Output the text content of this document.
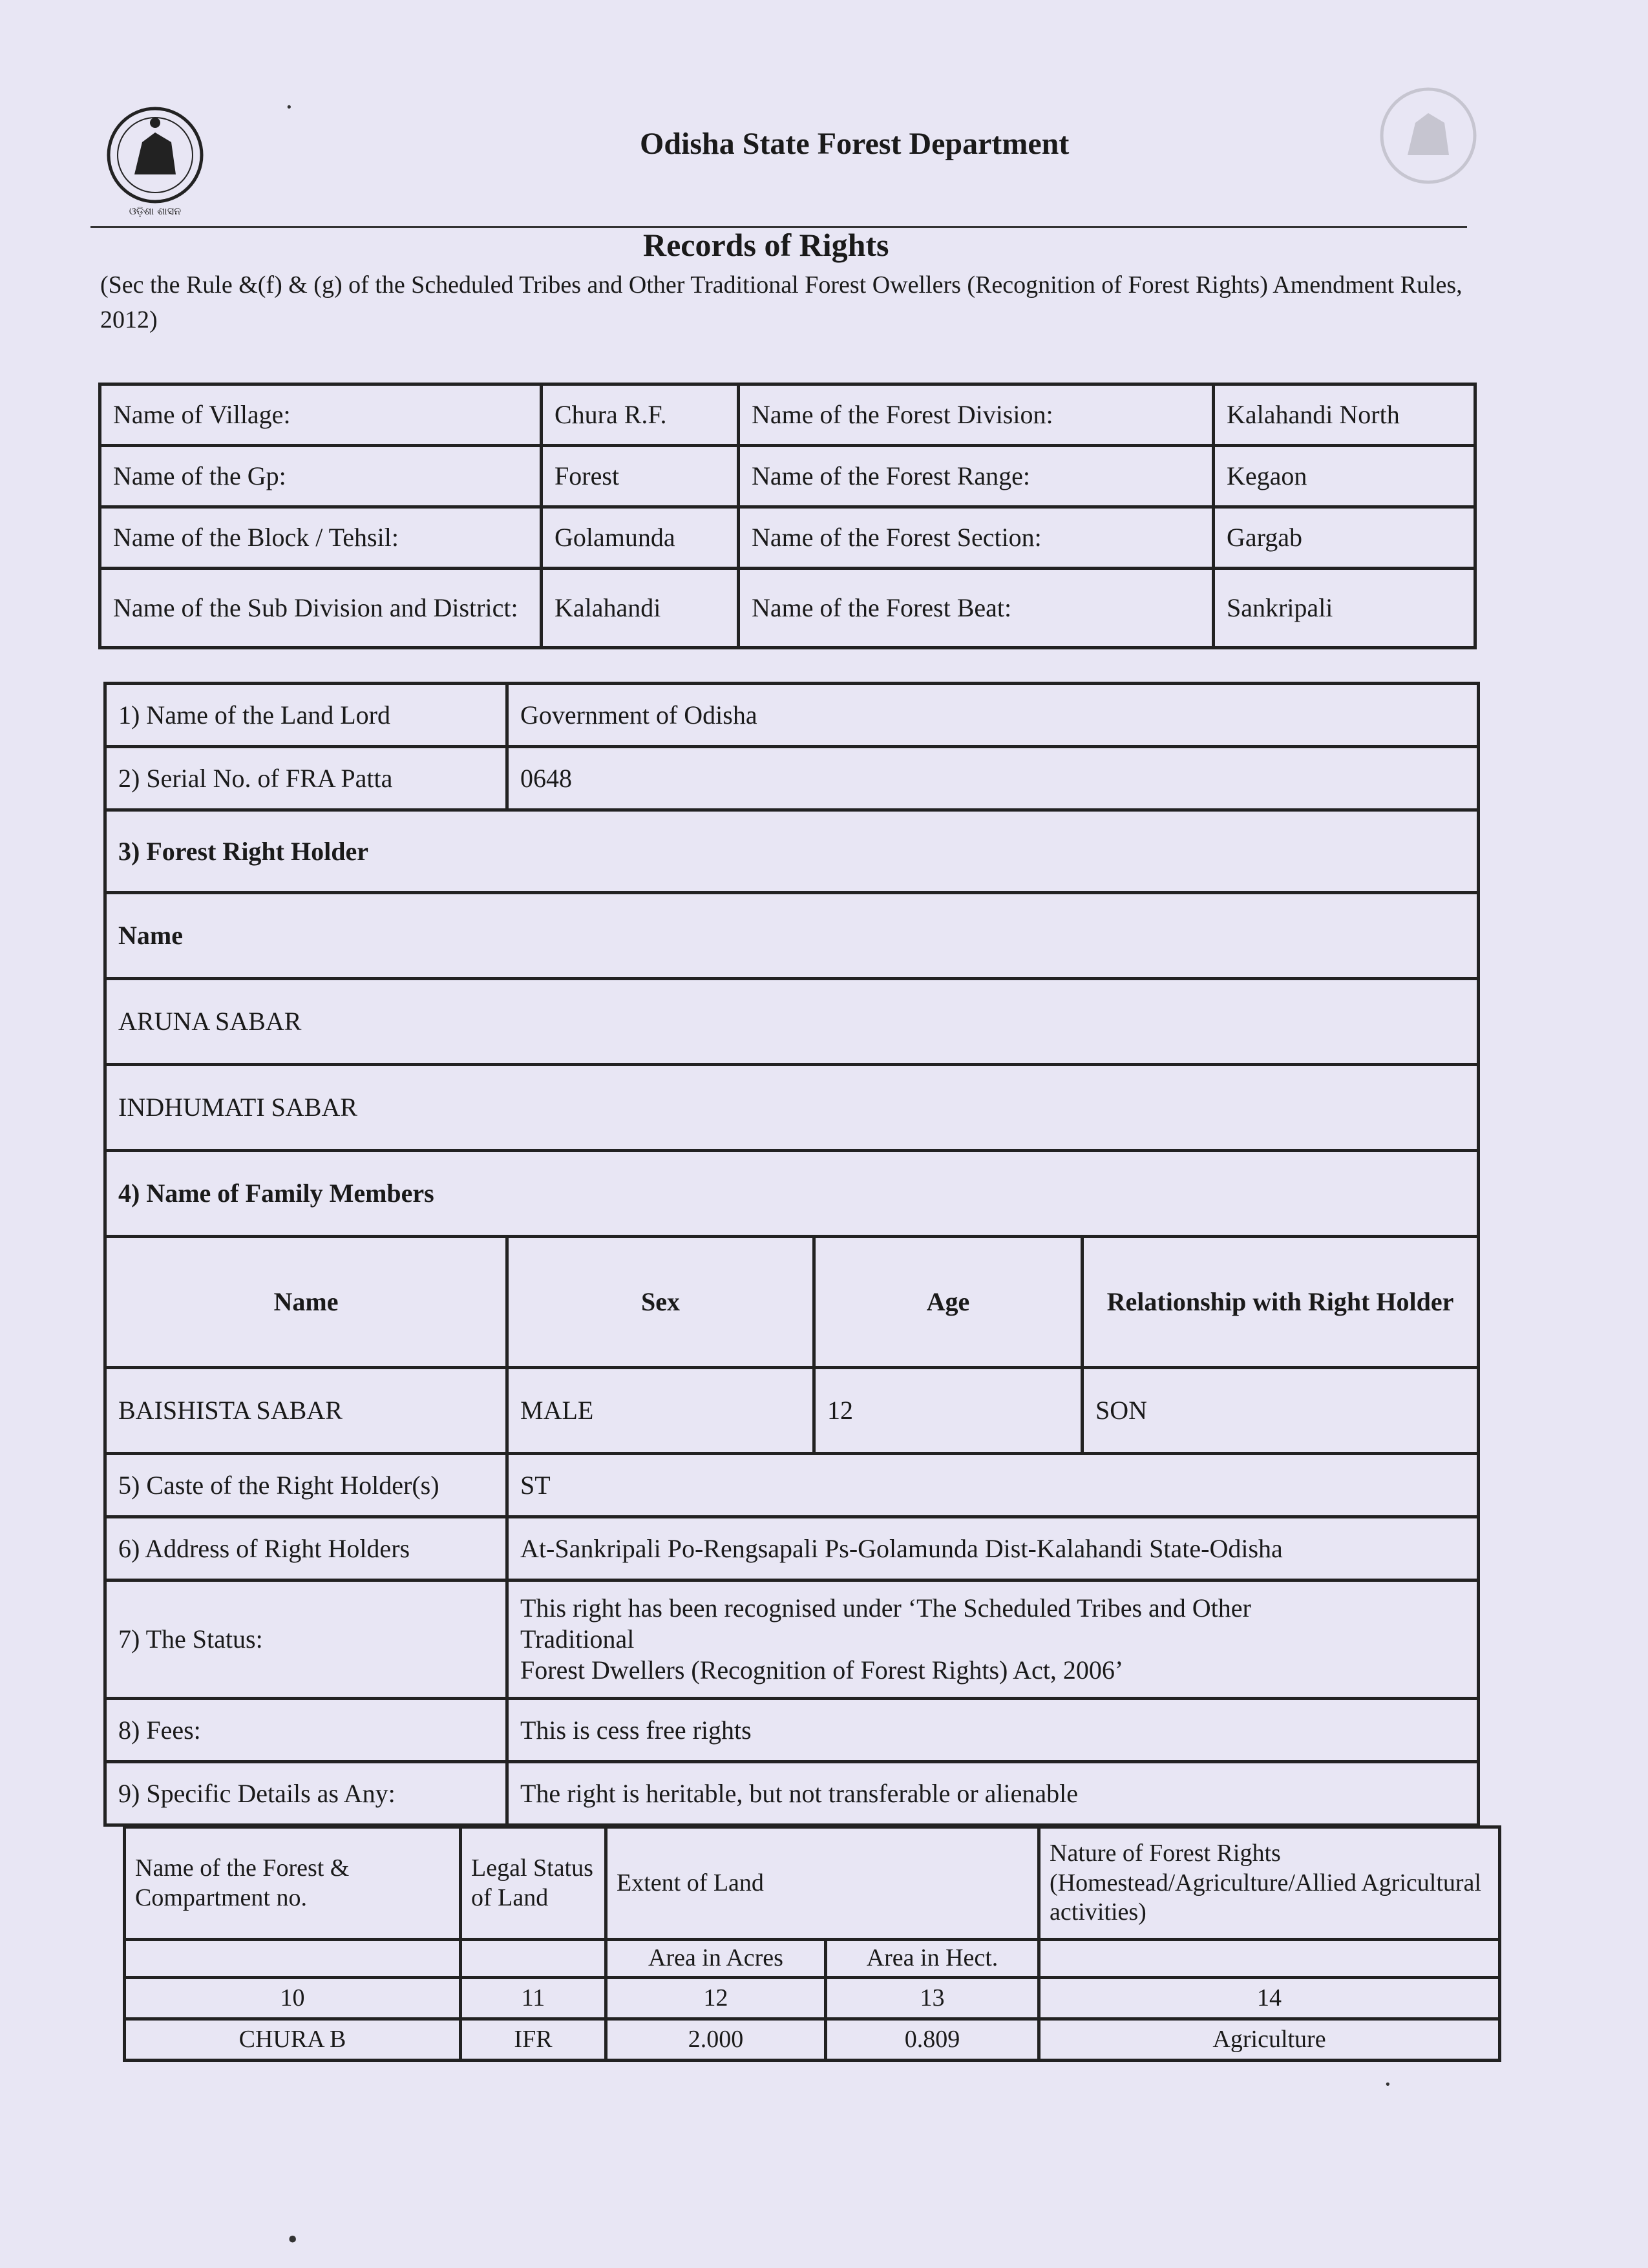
ଓଡ଼ିଶା ଶାସନ
Odisha State Forest Department
Records of Rights
(Sec the Rule &(f) & (g) of the Scheduled Tribes and Other Traditional Forest Owellers (Recognition of Forest Rights) Amendment Rules, 2012)
Name of Village:	Chura R.F.	Name of the Forest Division:	Kalahandi North
Name of the Gp:	Forest	Name of the Forest Range:	Kegaon
Name of the Block / Tehsil:	Golamunda	Name of the Forest Section:	Gargab
Name of the Sub Division and District:	Kalahandi	Name of the Forest Beat:	Sankripali
1) Name of the Land Lord	Government of Odisha		
2) Serial No. of FRA Patta	0648		
3) Forest Right Holder			
Name			
ARUNA SABAR			
INDHUMATI SABAR			
4) Name of Family Members			
Name	Sex	Age	Relationship with Right Holder
BAISHISTA SABAR	MALE	12	SON
5) Caste of the Right Holder(s)	ST		
6) Address of Right Holders	At-Sankripali Po-Rengsapali Ps-Golamunda Dist-Kalahandi State-Odisha		
7) The Status:	This right has been recognised under ‘The Scheduled Tribes and Other
Traditional
Forest Dwellers (Recognition of Forest Rights) Act, 2006’		

8) Fees:	This is cess free rights		
9) Specific Details as Any:	The right is heritable, but not transferable or alienable		
Name of the Forest & Compartment no.	Legal Status of Land	Extent of Land		Nature of Forest Rights (Homestead/Agriculture/Allied Agricultural activities)
		Area in Acres	Area in Hect.	
10	11	12	13	14
CHURA B	IFR	2.000	0.809	Agriculture
·
·
•
